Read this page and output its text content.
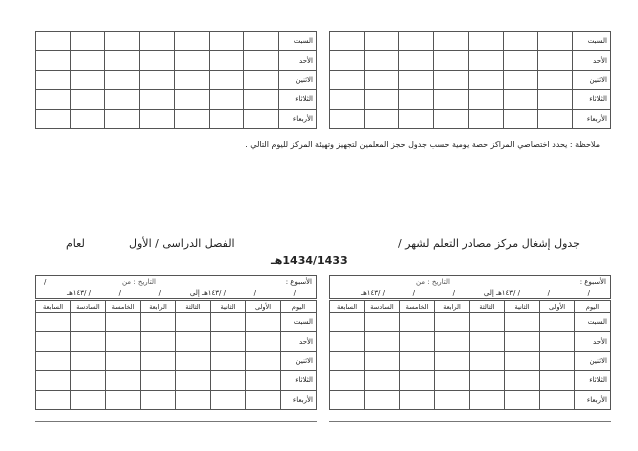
السبت							
الأحد							
الاثنين							
الثلاثاء							
الأربعاء							
السبت							
الأحد							
الاثنين							
الثلاثاء							
الأربعاء							
ملاحظة : يحدد اختصاصي المراكز حصة يومية حسب جدول حجز المعلمين لتجهيز وتهيئة المركز لليوم التالي .
جدول إشغال مركز مصادر التعلم لشهر /
الفصل الدراسى / الأول
لعام
1434/1433هـ
الأسبوع :
التاريخ : من
/
/
/ /١٤٣هـ إلى
/
/
/ /١٤٣هـ
الأسبوع :
التاريخ : من
/
/
/ /١٤٣هـ إلى
/
/
/ /١٤٣هـ
/
اليوم	الأولى	الثانية	الثالثة	الرابعة	الخامسة	السادسة	السابعة
السبت							
الأحد							
الاثنين							
الثلاثاء							
الأربعاء							
اليوم	الأولى	الثانية	الثالثة	الرابعة	الخامسة	السادسة	السابعة
السبت							
الأحد							
الاثنين							
الثلاثاء							
الأربعاء							
